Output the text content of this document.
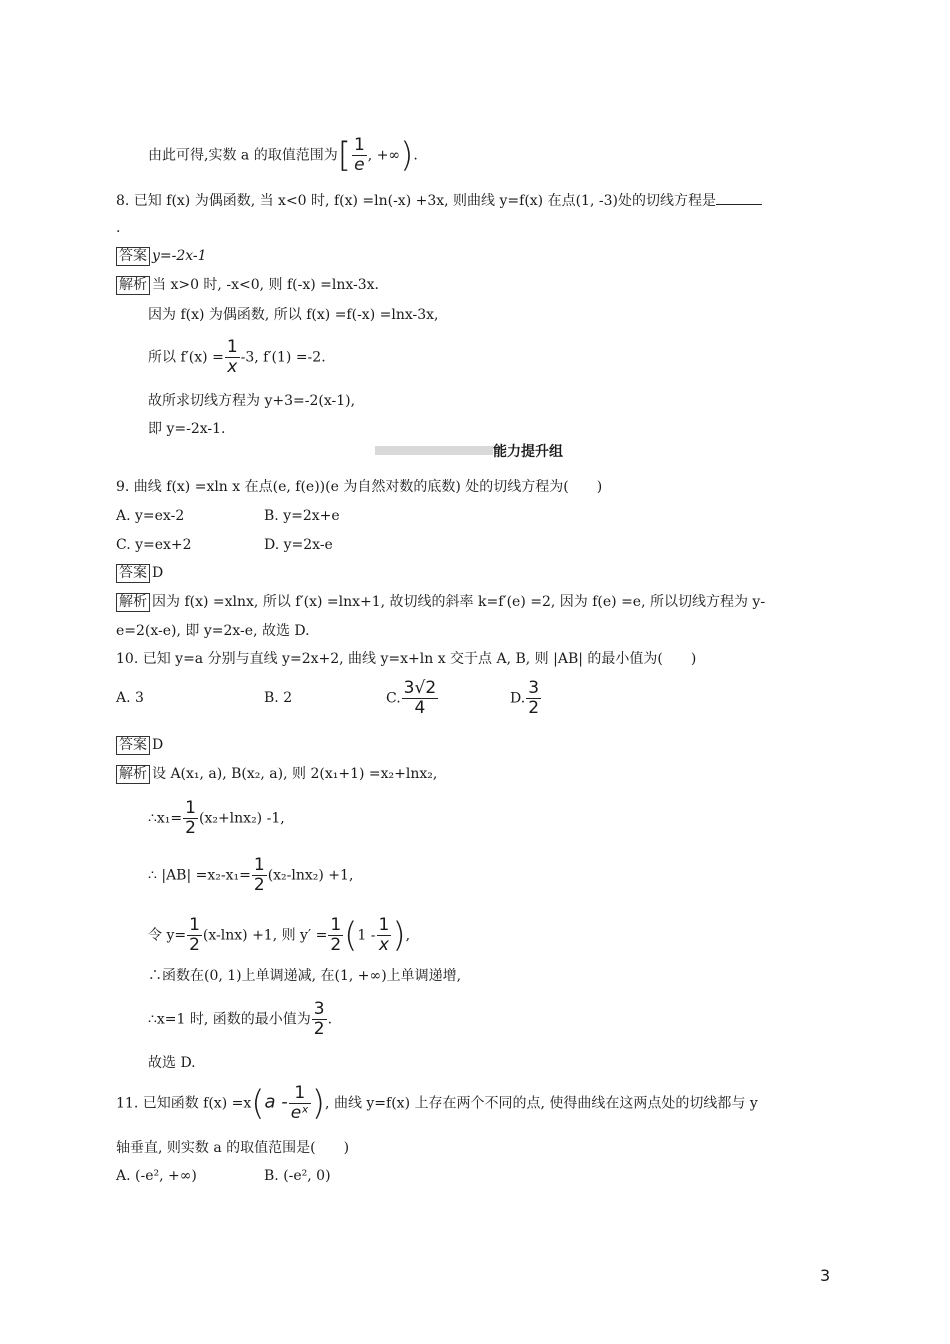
由此可得,实数 a 的取值范围为[ $\frac{1}{e}$ , +∞).
8. 已知 f(x) 为偶函数, 当 x<0 时, f(x) =ln(-x) +3x, 则曲线 y=f(x) 在点(1, -3)处的切线方程是
.
答案 y=-2x-1
解析 当 x>0 时, -x<0, 则 f(-x) =lnx-3x.
因为 f(x) 为偶函数, 所以 f(x) =f(-x) =lnx-3x,
所以 $f'(x) = \frac{1}{x} -3$, f′(1) =-2.
故所求切线方程为 y+3=-2(x-1),
即 y=-2x-1.
能力提升组
9. 曲线 f(x) =xln x 在点(e, f(e))(e 为自然对数的底数) 处的切线方程为(　　)
A. y=ex-2	B. y=2x+e
C. y=ex+2	D. y=2x-e
答案 D
解析 因为 f(x) =xlnx, 所以 f′(x) =lnx+1, 故切线的斜率 k=f′(e) =2, 因为 f(e) =e, 所以切线方程为 y-
e=2(x-e), 即 y=2x-e, 故选 D.
10. 已知 y=a 分别与直线 y=2x+2, 曲线 y=x+ln x 交于点 A, B, 则 |AB| 的最小值为(　　)
A. 3	B. 2	C. $\frac{3√2}{4}$	D. $\frac{3}{2}$
答案 D
解析 设 A(x₁, a), B(x₂, a), 则 2(x₁+1) =x₂+lnx₂,
∴x₁= $\frac{1}{2} (x_2+\ln x_2)$ -1,
∴ $|AB| =x_2-x_1= \frac{1}{2} (x_2-\ln x_2) +1$,
令 $y= \frac{1}{2} (x-\ln x) +1$, 则 $y' = \frac{1}{2} (1 - \frac{1}{x}$ ),
∴函数在(0, 1)上单调递减, 在(1, +∞)上单调递增,
∴x=1 时, 函数的最小值为 $\frac{3}{2}$ .
故选 D.
11. 已知函数 $f(x) =x(a - \frac{1}{\text{eˣ}}$ ), 曲线 y=f(x) 上存在两个不同的点, 使得曲线在这两点处的切线都与 y
轴垂直, 则实数 a 的取值范围是(　　)
A. (-e², +∞)	B. (-e², 0)
3
